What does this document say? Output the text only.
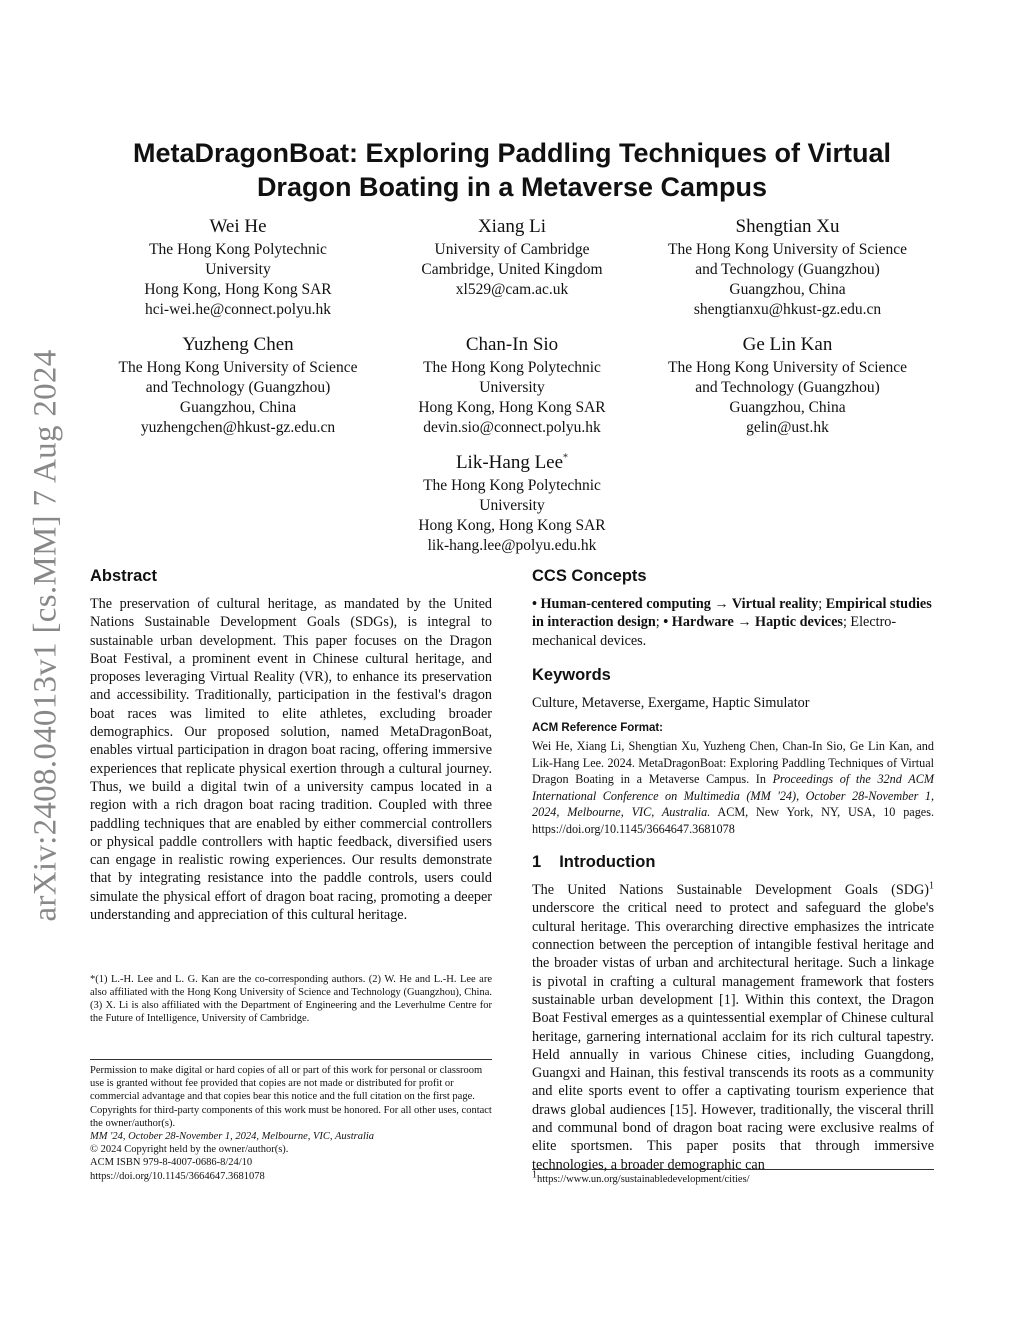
arXiv:2408.04013v1 [cs.MM] 7 Aug 2024
MetaDragonBoat: Exploring Paddling Techniques of Virtual
Dragon Boating in a Metaverse Campus
Wei He
The Hong Kong Polytechnic
University
Hong Kong, Hong Kong SAR
hci-wei.he@connect.polyu.hk
Xiang Li
University of Cambridge
Cambridge, United Kingdom
xl529@cam.ac.uk
Shengtian Xu
The Hong Kong University of Science
and Technology (Guangzhou)
Guangzhou, China
shengtianxu@hkust-gz.edu.cn
Yuzheng Chen
The Hong Kong University of Science
and Technology (Guangzhou)
Guangzhou, China
yuzhengchen@hkust-gz.edu.cn
Chan-In Sio
The Hong Kong Polytechnic
University
Hong Kong, Hong Kong SAR
devin.sio@connect.polyu.hk
Ge Lin Kan
The Hong Kong University of Science
and Technology (Guangzhou)
Guangzhou, China
gelin@ust.hk
Lik-Hang Lee*
The Hong Kong Polytechnic
University
Hong Kong, Hong Kong SAR
lik-hang.lee@polyu.edu.hk
Abstract

The preservation of cultural heritage, as mandated by the United Nations Sustainable Development Goals (SDGs), is integral to sustainable urban development. This paper focuses on the Dragon Boat Festival, a prominent event in Chinese cultural heritage, and proposes leveraging Virtual Reality (VR), to enhance its preservation and accessibility. Traditionally, participation in the festival's dragon boat races was limited to elite athletes, excluding broader demographics. Our proposed solution, named MetaDragonBoat, enables virtual participation in dragon boat racing, offering immersive experiences that replicate physical exertion through a cultural journey. Thus, we build a digital twin of a university campus located in a region with a rich dragon boat racing tradition. Coupled with three paddling techniques that are enabled by either commercial controllers or physical paddle controllers with haptic feedback, diversified users can engage in realistic rowing experiences. Our results demonstrate that by integrating resistance into the paddle controls, users could simulate the physical effort of dragon boat racing, promoting a deeper understanding and appreciation of this cultural heritage.

*(1) L.-H. Lee and L. G. Kan are the co-corresponding authors. (2) W. He and L.-H. Lee are also affiliated with the Hong Kong University of Science and Technology (Guangzhou), China. (3) X. Li is also affiliated with the Department of Engineering and the Leverhulme Centre for the Future of Intelligence, University of Cambridge.

Permission to make digital or hard copies of all or part of this work for personal or classroom use is granted without fee provided that copies are not made or distributed for profit or commercial advantage and that copies bear this notice and the full citation on the first page. Copyrights for third-party components of this work must be honored. For all other uses, contact the owner/author(s).

MM '24, October 28-November 1, 2024, Melbourne, VIC, Australia

© 2024 Copyright held by the owner/author(s).

ACM ISBN 979-8-4007-0686-8/24/10

https://doi.org/10.1145/3664647.3681078

CCS Concepts

• Human-centered computing → Virtual reality; Empirical studies in interaction design; • Hardware → Haptic devices; Electro-mechanical devices.

Keywords

Culture, Metaverse, Exergame, Haptic Simulator

ACM Reference Format:

Wei He, Xiang Li, Shengtian Xu, Yuzheng Chen, Chan-In Sio, Ge Lin Kan, and Lik-Hang Lee. 2024. MetaDragonBoat: Exploring Paddling Techniques of Virtual Dragon Boating in a Metaverse Campus. In Proceedings of the 32nd ACM International Conference on Multimedia (MM '24), October 28-November 1, 2024, Melbourne, VIC, Australia. ACM, New York, NY, USA, 10 pages. https://doi.org/10.1145/3664647.3681078

1 Introduction

The United Nations Sustainable Development Goals (SDG)$^1$ underscore the critical need to protect and safeguard the globe's cultural heritage. This overarching directive emphasizes the intricate connection between the perception of intangible festival heritage and the broader vistas of urban and architectural heritage. Such a linkage is pivotal in crafting a cultural management framework that fosters sustainable urban development [1]. Within this context, the Dragon Boat Festival emerges as a quintessential exemplar of Chinese cultural heritage, garnering international acclaim for its rich cultural tapestry. Held annually in various Chinese cities, including Guangdong, Guangxi and Hainan, this festival transcends its roots as a community and elite sports event to offer a captivating tourism experience that draws global audiences [15]. However, traditionally, the visceral thrill and communal bond of dragon boat racing were exclusive realms of elite sportsmen. This paper posits that through immersive technologies, a broader demographic can

1https://www.un.org/sustainabledevelopment/cities/
